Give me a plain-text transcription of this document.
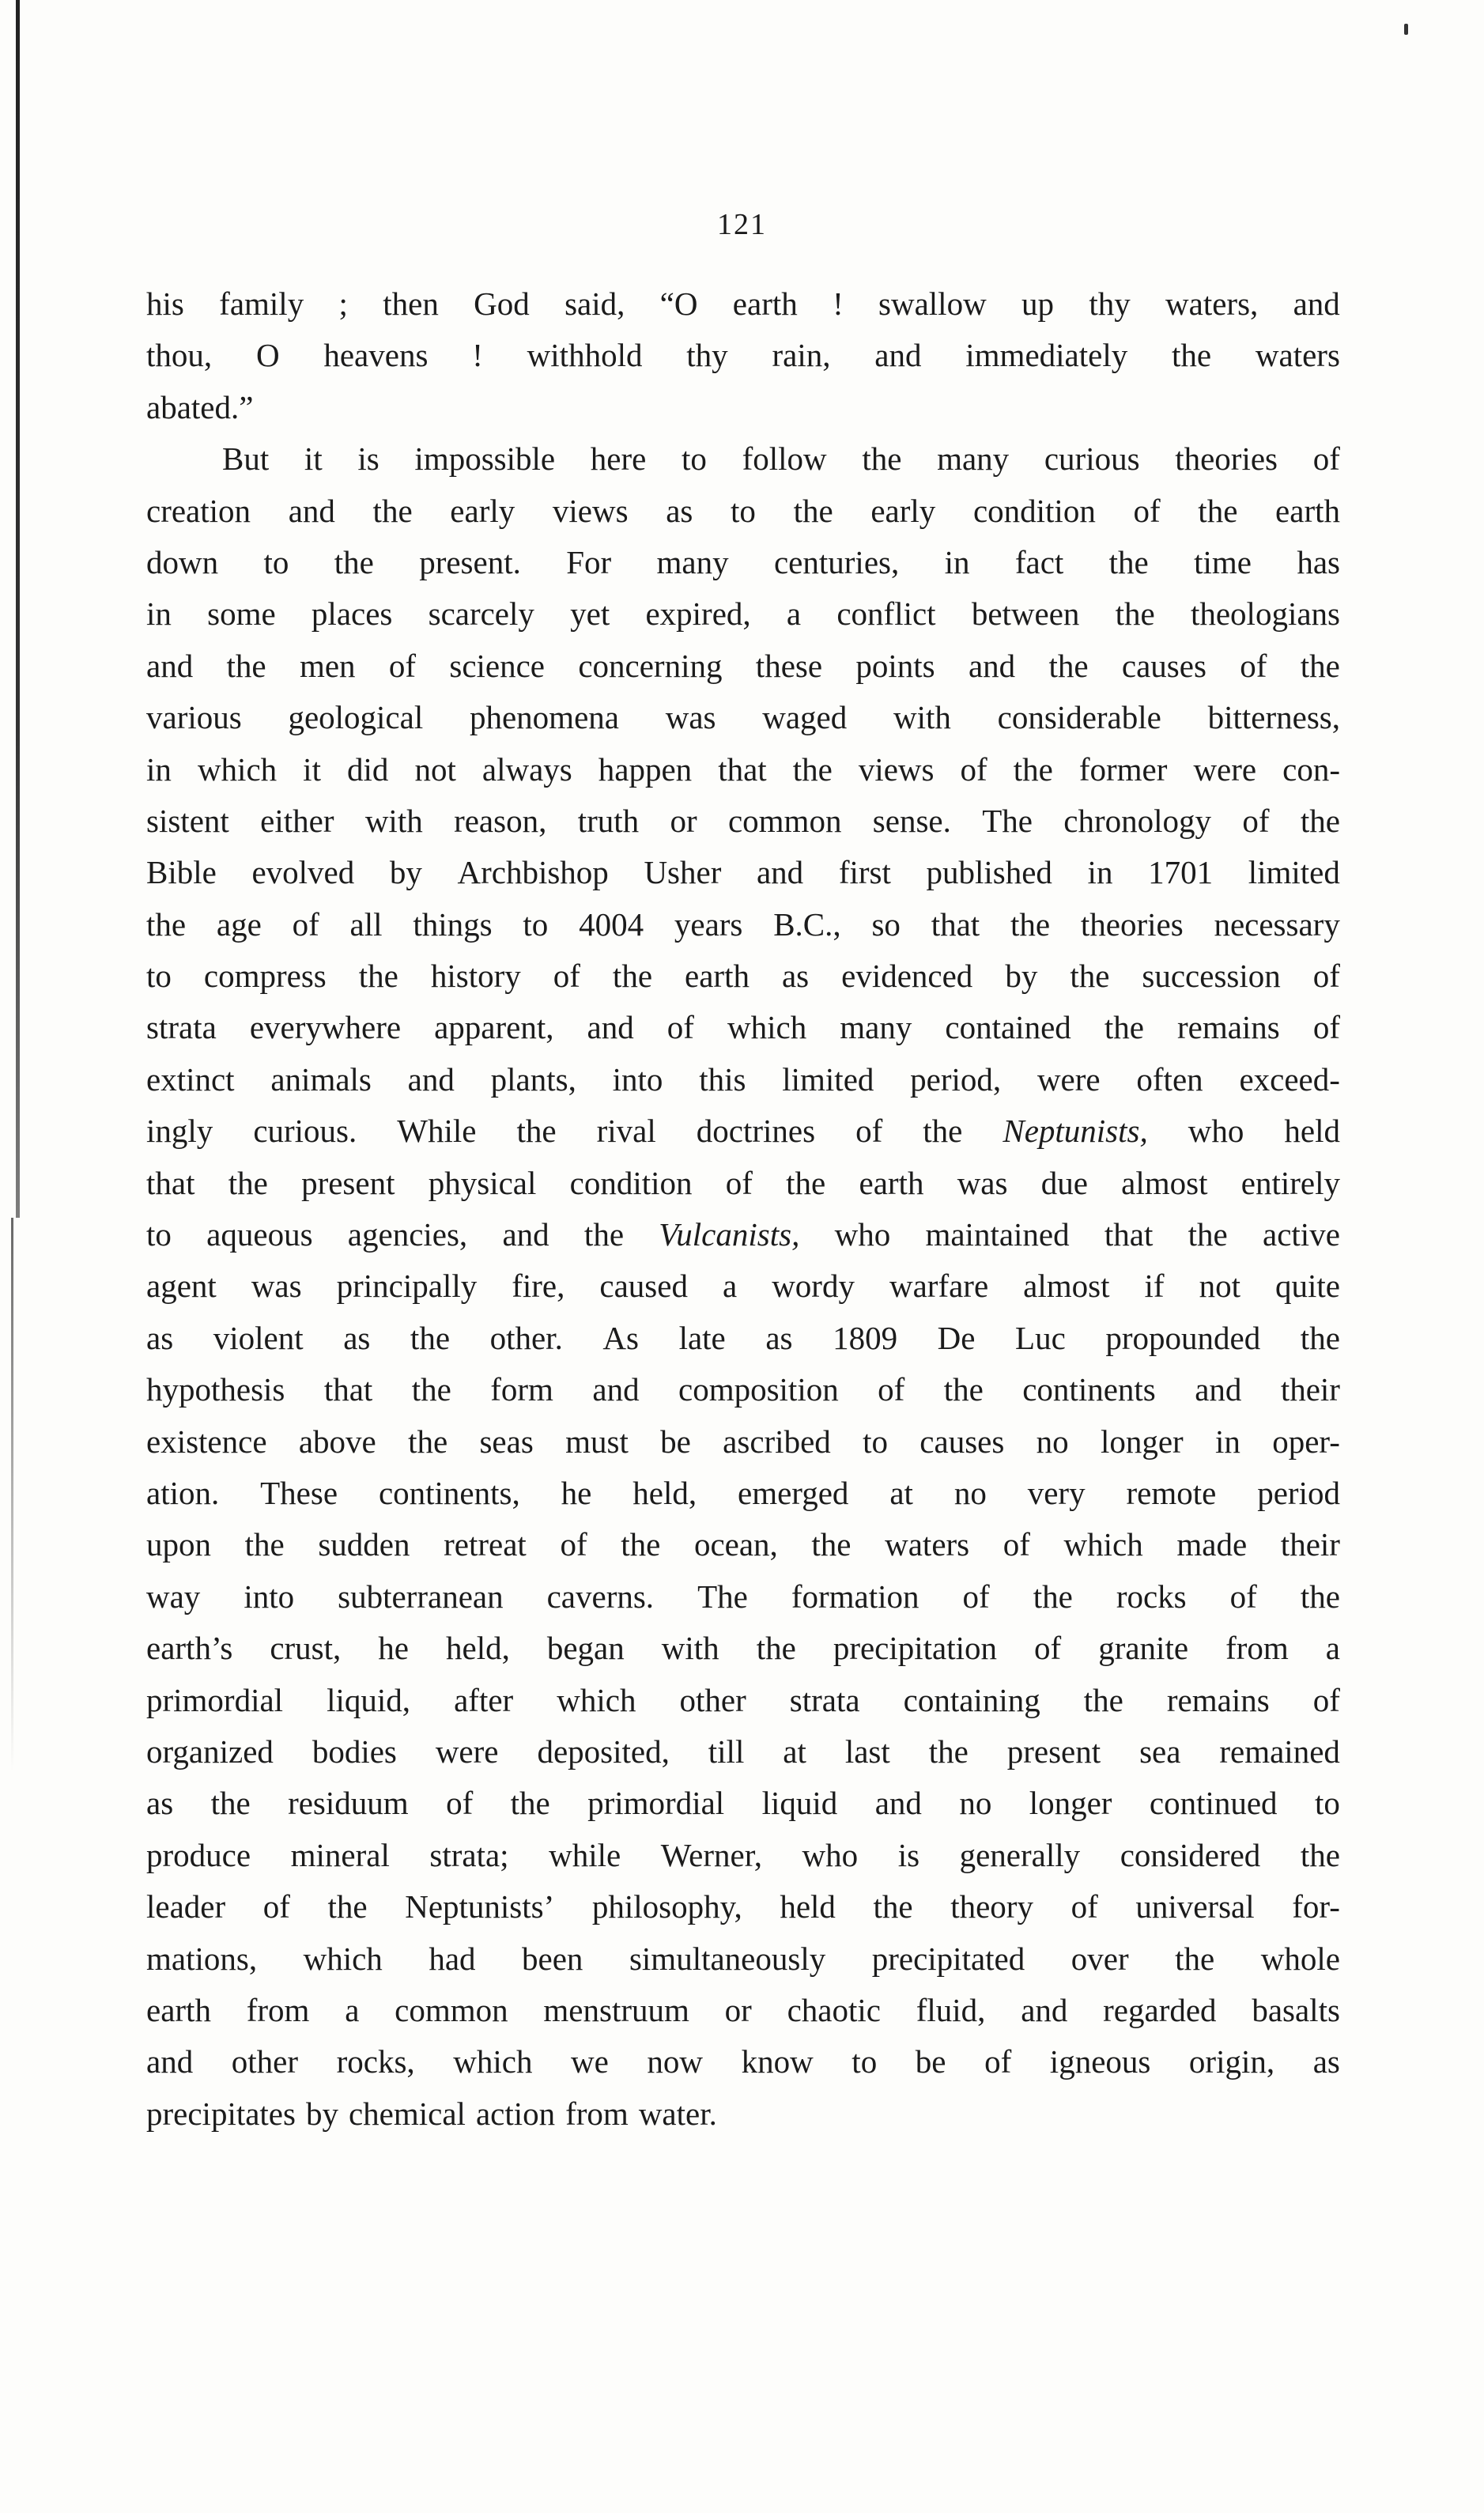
121
his family ; then God said, “O earth ! swallow up thy waters, and
thou, O heavens ! withhold thy rain, and immediately the waters
abated.”
But it is impossible here to follow the many curious theories of
creation and the early views as to the early condition of the earth
down to the present. For many centuries, in fact the time has
in some places scarcely yet expired, a conflict between the theologians
and the men of science concerning these points and the causes of the
various geological phenomena was waged with considerable bitterness,
in which it did not always happen that the views of the former were con-
sistent either with reason, truth or common sense. The chronology of the
Bible evolved by Archbishop Usher and first published in 1701 limited
the age of all things to 4004 years B.C., so that the theories necessary
to compress the history of the earth as evidenced by the succession of
strata everywhere apparent, and of which many contained the remains of
extinct animals and plants, into this limited period, were often exceed-
ingly curious. While the rival doctrines of the Neptunists, who held
that the present physical condition of the earth was due almost entirely
to aqueous agencies, and the Vulcanists, who maintained that the active
agent was principally fire, caused a wordy warfare almost if not quite
as violent as the other. As late as 1809 De Luc propounded the
hypothesis that the form and composition of the continents and their
existence above the seas must be ascribed to causes no longer in oper-
ation. These continents, he held, emerged at no very remote period
upon the sudden retreat of the ocean, the waters of which made their
way into subterranean caverns. The formation of the rocks of the
earth’s crust, he held, began with the precipitation of granite from a
primordial liquid, after which other strata containing the remains of
organized bodies were deposited, till at last the present sea remained
as the residuum of the primordial liquid and no longer continued to
produce mineral strata; while Werner, who is generally considered the
leader of the Neptunists’ philosophy, held the theory of universal for-
mations, which had been simultaneously precipitated over the whole
earth from a common menstruum or chaotic fluid, and regarded basalts
and other rocks, which we now know to be of igneous origin, as
precipitates by chemical action from water.
